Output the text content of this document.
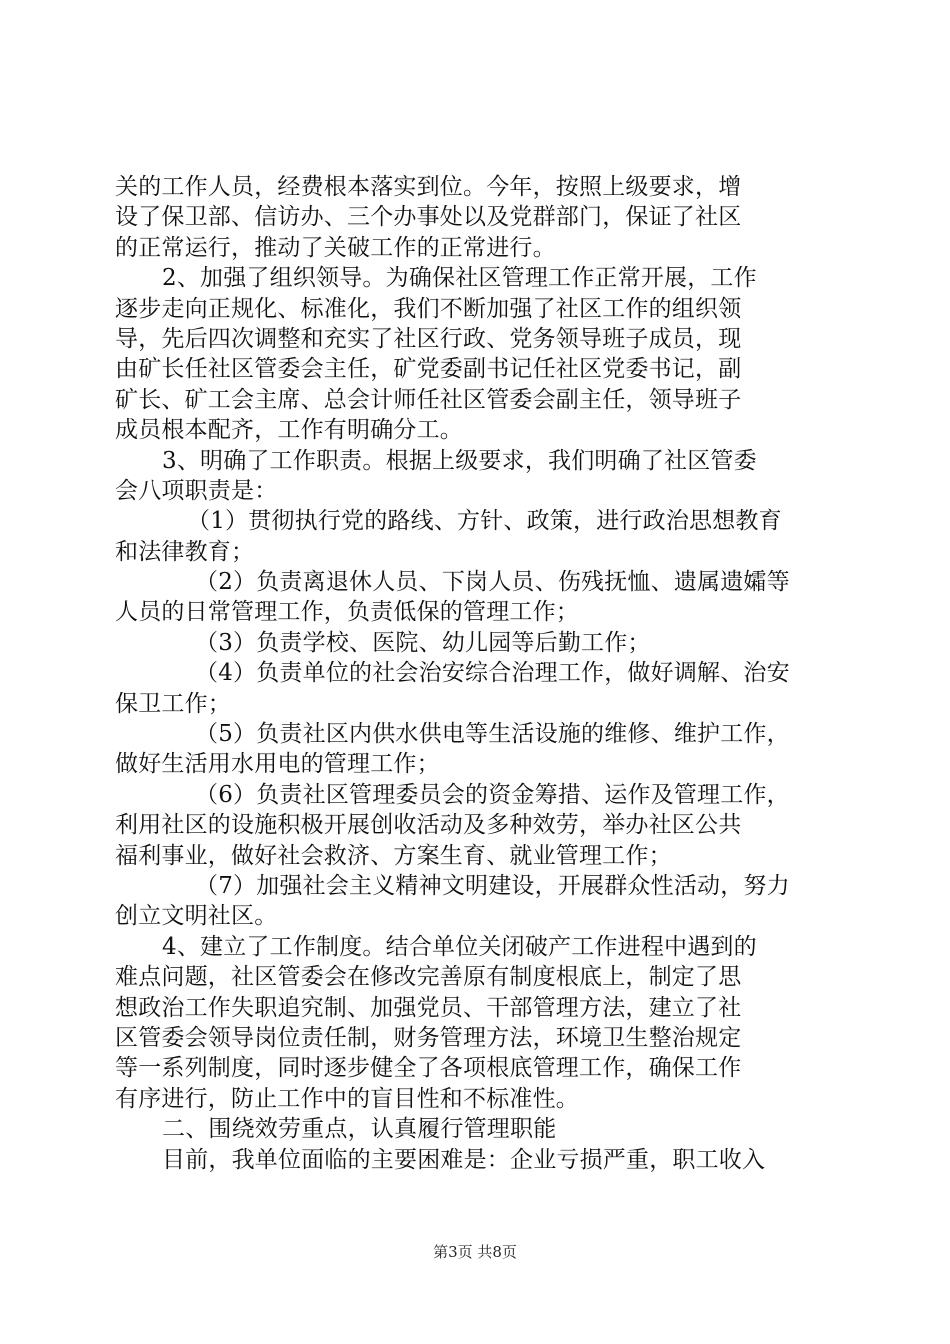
关的工作人员，经费根本落实到位。今年，按照上级要求，增
设了保卫部、信访办、三个办事处以及党群部门，保证了社区
的正常运行，推动了关破工作的正常进行。
2、加强了组织领导。为确保社区管理工作正常开展，工作
逐步走向正规化、标准化，我们不断加强了社区工作的组织领
导，先后四次调整和充实了社区行政、党务领导班子成员，现
由矿长任社区管委会主任，矿党委副书记任社区党委书记，副
矿长、矿工会主席、总会计师任社区管委会副主任，领导班子
成员根本配齐，工作有明确分工。
3、明确了工作职责。根据上级要求，我们明确了社区管委
会八项职责是：
（1）贯彻执行党的路线、方针、政策，进行政治思想教育
和法律教育；
（2）负责离退休人员、下岗人员、伤残抚恤、遗属遗孀等
人员的日常管理工作，负责低保的管理工作；
（3）负责学校、医院、幼儿园等后勤工作；
（4）负责单位的社会治安综合治理工作，做好调解、治安
保卫工作；
（5）负责社区内供水供电等生活设施的维修、维护工作，
做好生活用水用电的管理工作；
（6）负责社区管理委员会的资金筹措、运作及管理工作，
利用社区的设施积极开展创收活动及多种效劳，举办社区公共
福利事业，做好社会救济、方案生育、就业管理工作；
（7）加强社会主义精神文明建设，开展群众性活动，努力
创立文明社区。
4、建立了工作制度。结合单位关闭破产工作进程中遇到的
难点问题，社区管委会在修改完善原有制度根底上，制定了思
想政治工作失职追究制、加强党员、干部管理方法，建立了社
区管委会领导岗位责任制，财务管理方法，环境卫生整治规定
等一系列制度，同时逐步健全了各项根底管理工作，确保工作
有序进行，防止工作中的盲目性和不标准性。
二、围绕效劳重点，认真履行管理职能
目前，我单位面临的主要困难是：企业亏损严重，职工收入
第3页 共8页
